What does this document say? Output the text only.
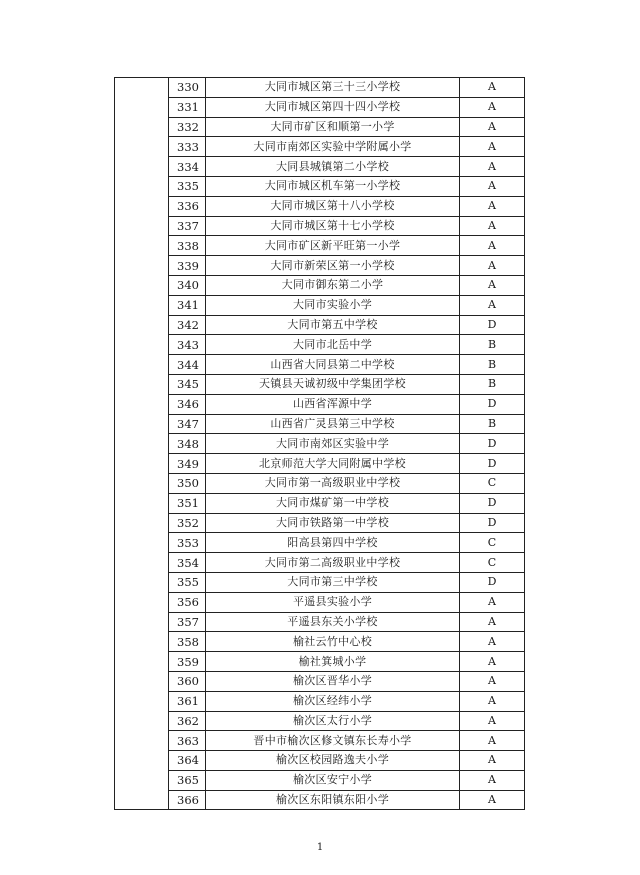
	330	大同市城区第三十三小学校	A
	331	大同市城区第四十四小学校	A
	332	大同市矿区和顺第一小学	A
	333	大同市南郊区实验中学附属小学	A
	334	大同县城镇第二小学校	A
	335	大同市城区机车第一小学校	A
	336	大同市城区第十八小学校	A
	337	大同市城区第十七小学校	A
	338	大同市矿区新平旺第一小学	A
	339	大同市新荣区第一小学校	A
	340	大同市御东第二小学	A
	341	大同市实验小学	A
	342	大同市第五中学校	D
	343	大同市北岳中学	B
	344	山西省大同县第二中学校	B
	345	天镇县天诚初级中学集团学校	B
	346	山西省浑源中学	D
	347	山西省广灵县第三中学校	B
	348	大同市南郊区实验中学	D
	349	北京师范大学大同附属中学校	D
	350	大同市第一高级职业中学校	C
	351	大同市煤矿第一中学校	D
	352	大同市铁路第一中学校	D
	353	阳高县第四中学校	C
	354	大同市第二高级职业中学校	C
	355	大同市第三中学校	D
	356	平遥县实验小学	A
	357	平遥县东关小学校	A
	358	榆社云竹中心校	A
	359	榆社箕城小学	A
	360	榆次区晋华小学	A
	361	榆次区经纬小学	A
	362	榆次区太行小学	A
	363	晋中市榆次区修文镇东长寿小学	A
	364	榆次区校园路逸夫小学	A
	365	榆次区安宁小学	A
	366	榆次区东阳镇东阳小学	A
1
